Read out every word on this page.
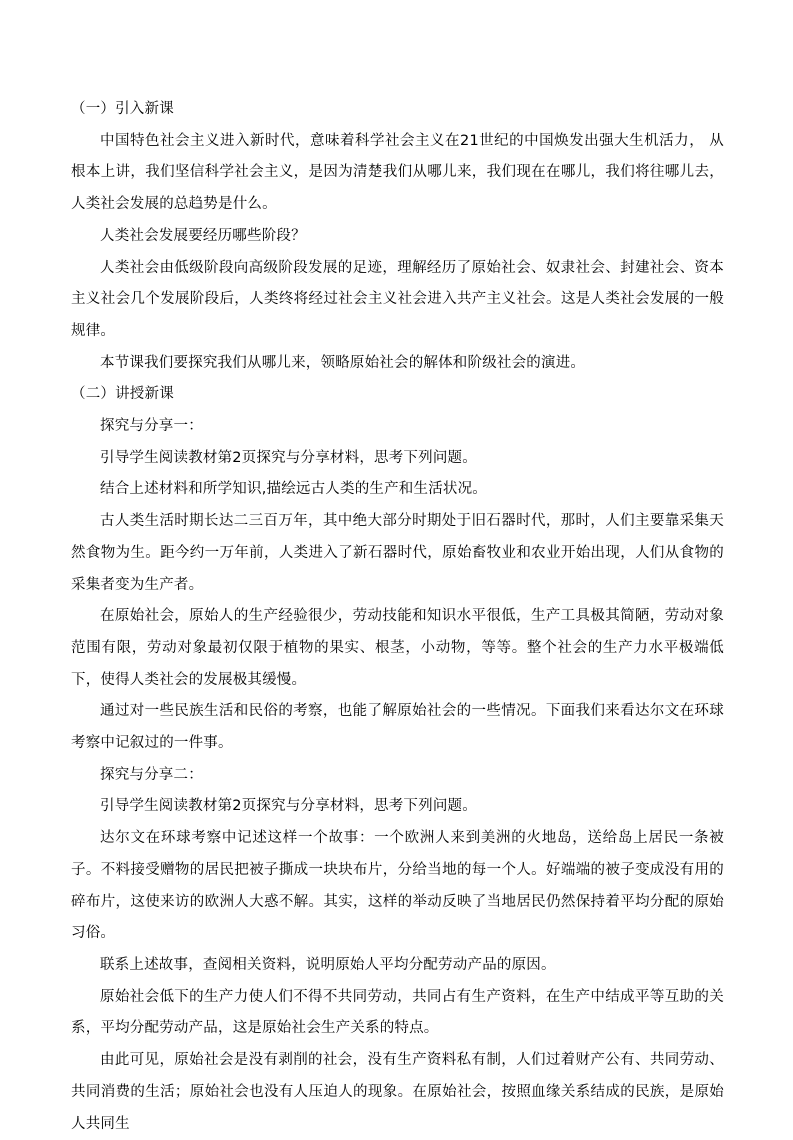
（一）引入新课

中国特色社会主义进入新时代，意味着科学社会主义在21世纪的中国焕发出强大生机活力， 从根本上讲，我们坚信科学社会主义，是因为清楚我们从哪儿来，我们现在在哪儿，我们将往哪儿去，人类社会发展的总趋势是什么。

人类社会发展要经历哪些阶段？

人类社会由低级阶段向高级阶段发展的足迹，理解经历了原始社会、奴隶社会、封建社会、资本主义社会几个发展阶段后，人类终将经过社会主义社会进入共产主义社会。这是人类社会发展的一般规律。

本节课我们要探究我们从哪儿来，领略原始社会的解体和阶级社会的演进。

（二）讲授新课

探究与分享一：

引导学生阅读教材第2页探究与分享材料，思考下列问题。

结合上述材料和所学知识,描绘远古人类的生产和生活状况。

古人类生活时期长达二三百万年，其中绝大部分时期处于旧石器时代，那时，人们主要靠采集天然食物为生。距今约一万年前，人类进入了新石器时代，原始畜牧业和农业开始出现，人们从食物的采集者变为生产者。

在原始社会，原始人的生产经验很少，劳动技能和知识水平很低，生产工具极其简陋，劳动对象范围有限，劳动对象最初仅限于植物的果实、根茎，小动物，等等。整个社会的生产力水平极端低下，使得人类社会的发展极其缓慢。

通过对一些民族生活和民俗的考察，也能了解原始社会的一些情况。下面我们来看达尔文在环球考察中记叙过的一件事。

探究与分享二：

引导学生阅读教材第2页探究与分享材料，思考下列问题。

达尔文在环球考察中记述这样一个故事：一个欧洲人来到美洲的火地岛，送给岛上居民一条被子。不料接受赠物的居民把被子撕成一块块布片，分给当地的每一个人。好端端的被子变成没有用的碎布片，这使来访的欧洲人大惑不解。其实，这样的举动反映了当地居民仍然保持着平均分配的原始习俗。

联系上述故事，查阅相关资料，说明原始人平均分配劳动产品的原因。

原始社会低下的生产力使人们不得不共同劳动，共同占有生产资料，在生产中结成平等互助的关系，平均分配劳动产品，这是原始社会生产关系的特点。

由此可见，原始社会是没有剥削的社会，没有生产资料私有制，人们过着财产公有、共同劳动、共同消费的生活；原始社会也没有人压迫人的现象。在原始社会，按照血缘关系结成的民族，是原始人共同生
